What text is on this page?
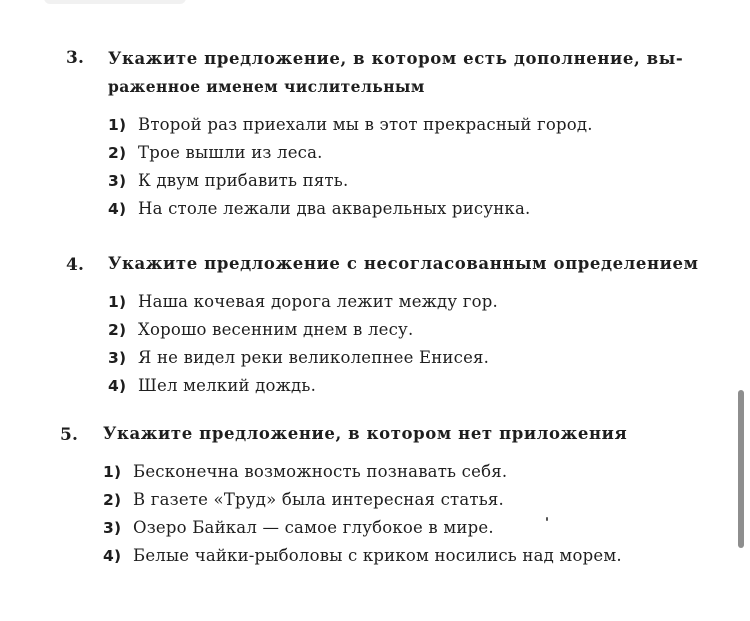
3. Укажите предложение, в котором есть дополнение, вы-
раженное именем числительным
1) Второй раз приехали мы в этот прекрасный город.
2) Трое вышли из леса.
3) К двум прибавить пять.
4) На столе лежали два акварельных рисунка.
4. Укажите предложение с несогласованным определением
1) Наша кочевая дорога лежит между гор.
2) Хорошо весенним днем в лесу.
3) Я не видел реки великолепнее Енисея.
4) Шел мелкий дождь.
5. Укажите предложение, в котором нет приложения
1) Бесконечна возможность познавать себя.
2) В газете «Труд» была интересная статья.
3) Озеро Байкал — самое глубокое в мире.
4) Белые чайки-рыболовы с криком носились над морем.
